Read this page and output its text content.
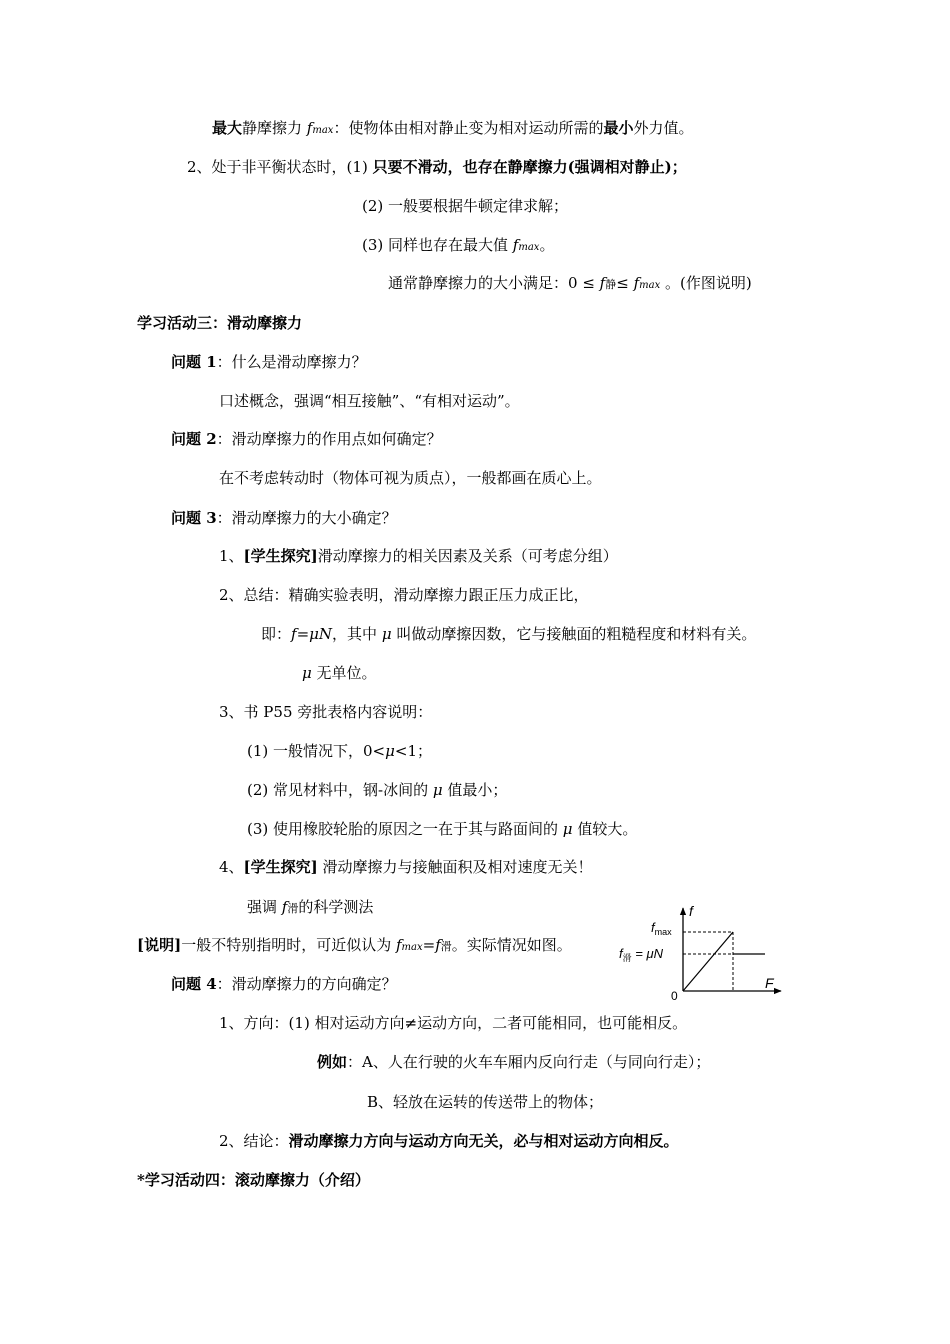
最大静摩擦力 fmax：使物体由相对静止变为相对运动所需的最小外力值。
2、处于非平衡状态时，(1) 只要不滑动，也存在静摩擦力(强调相对静止)；
(2) 一般要根据牛顿定律求解；
(3) 同样也存在最大值 fmax。
通常静摩擦力的大小满足：0 ≤ f静≤ fmax 。(作图说明)
学习活动三：滑动摩擦力
问题 1：什么是滑动摩擦力？
口述概念，强调“相互接触”、“有相对运动”。
问题 2：滑动摩擦力的作用点如何确定？
在不考虑转动时（物体可视为质点），一般都画在质心上。
问题 3：滑动摩擦力的大小确定？
1、[学生探究]滑动摩擦力的相关因素及关系（可考虑分组）
2、总结：精确实验表明，滑动摩擦力跟正压力成正比，
即：f=μN，其中 μ 叫做动摩擦因数，它与接触面的粗糙程度和材料有关。
μ 无单位。
3、书 P55 旁批表格内容说明：
(1) 一般情况下，0<μ<1；
(2) 常见材料中，钢-冰间的 μ 值最小；
(3) 使用橡胶轮胎的原因之一在于其与路面间的 μ 值较大。
4、[学生探究] 滑动摩擦力与接触面积及相对速度无关！
强调 f滑的科学测法
[说明]一般不特别指明时，可近似认为 fmax=f滑。实际情况如图。
问题 4：滑动摩擦力的方向确定？
1、方向：(1) 相对运动方向≠运动方向，二者可能相同，也可能相反。
例如：A、人在行驶的火车车厢内反向行走（与同向行走）；
B、轻放在运转的传送带上的物体；
2、结论：滑动摩擦力方向与运动方向无关，必与相对运动方向相反。
*学习活动四：滚动摩擦力（介绍）
f
F
0
$f_{max}$
$f_滑 = \mu N$
